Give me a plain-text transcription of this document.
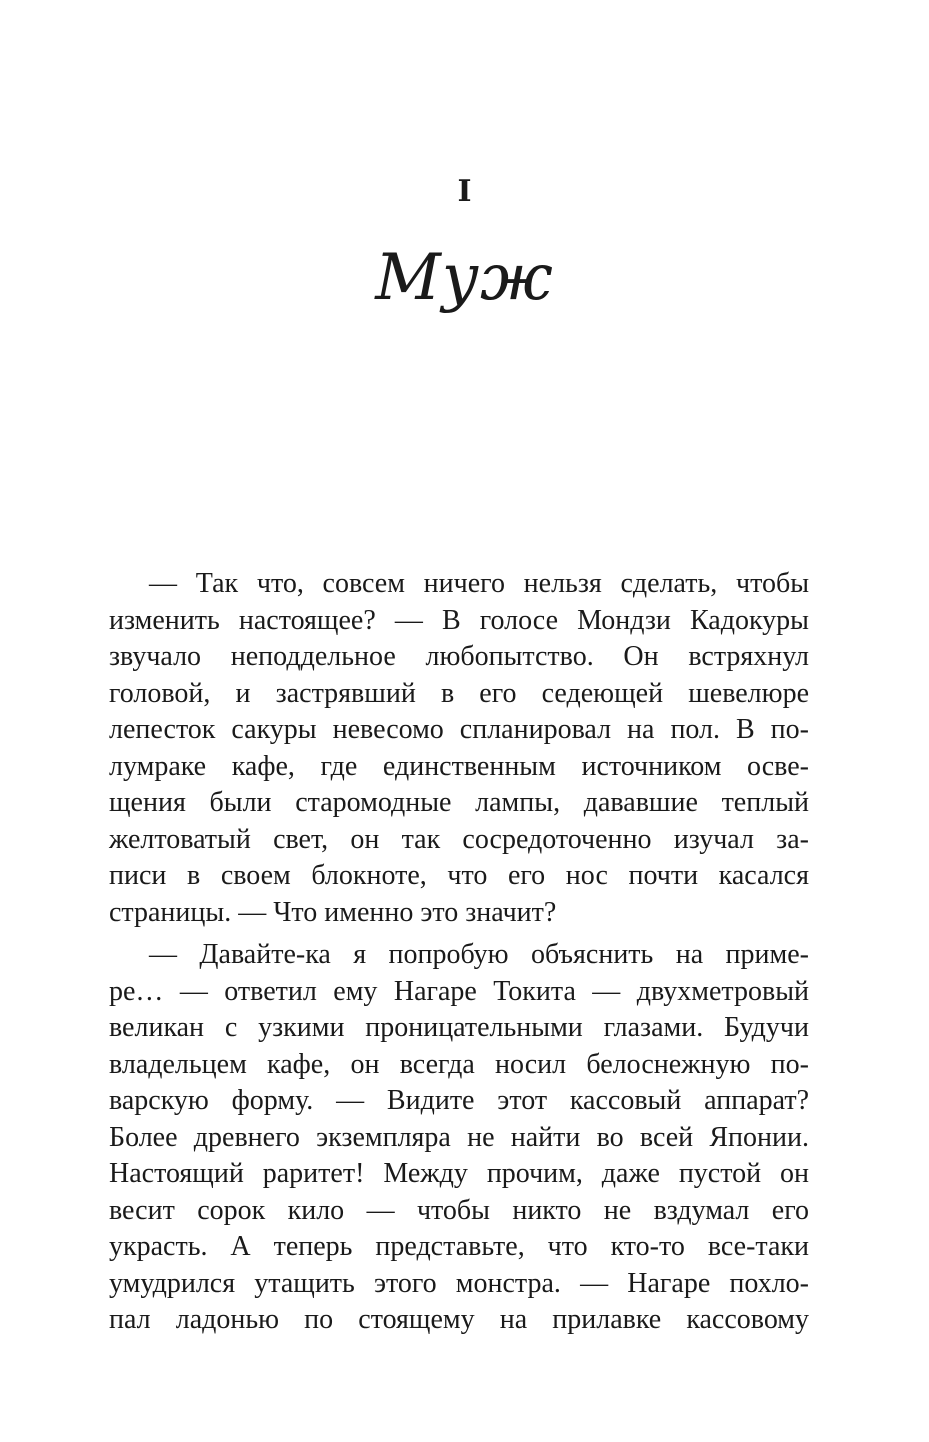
I
Муж
— Так что, совсем ничего нельзя сделать, чтобы
изменить настоящее? — В голосе Мондзи Кадокуры
звучало неподдельное любопытство. Он встряхнул
головой, и застрявший в его седеющей шевелюре
лепесток сакуры невесомо спланировал на пол. В по-
лумраке кафе, где единственным источником осве-
щения были старомодные лампы, дававшие теплый
желтоватый свет, он так сосредоточенно изучал за-
писи в своем блокноте, что его нос почти касался
страницы. — Что именно это значит?
— Давайте-ка я попробую объяснить на приме-
ре… — ответил ему Нагаре Токита — двухметровый
великан с узкими проницательными глазами. Будучи
владельцем кафе, он всегда носил белоснежную по-
варскую форму. — Видите этот кассовый аппарат?
Более древнего экземпляра не найти во всей Японии.
Настоящий раритет! Между прочим, даже пустой он
весит сорок кило — чтобы никто не вздумал его
украсть. А теперь представьте, что кто-то все-таки
умудрился утащить этого монстра. — Нагаре похло-
пал ладонью по стоящему на прилавке кассовому
